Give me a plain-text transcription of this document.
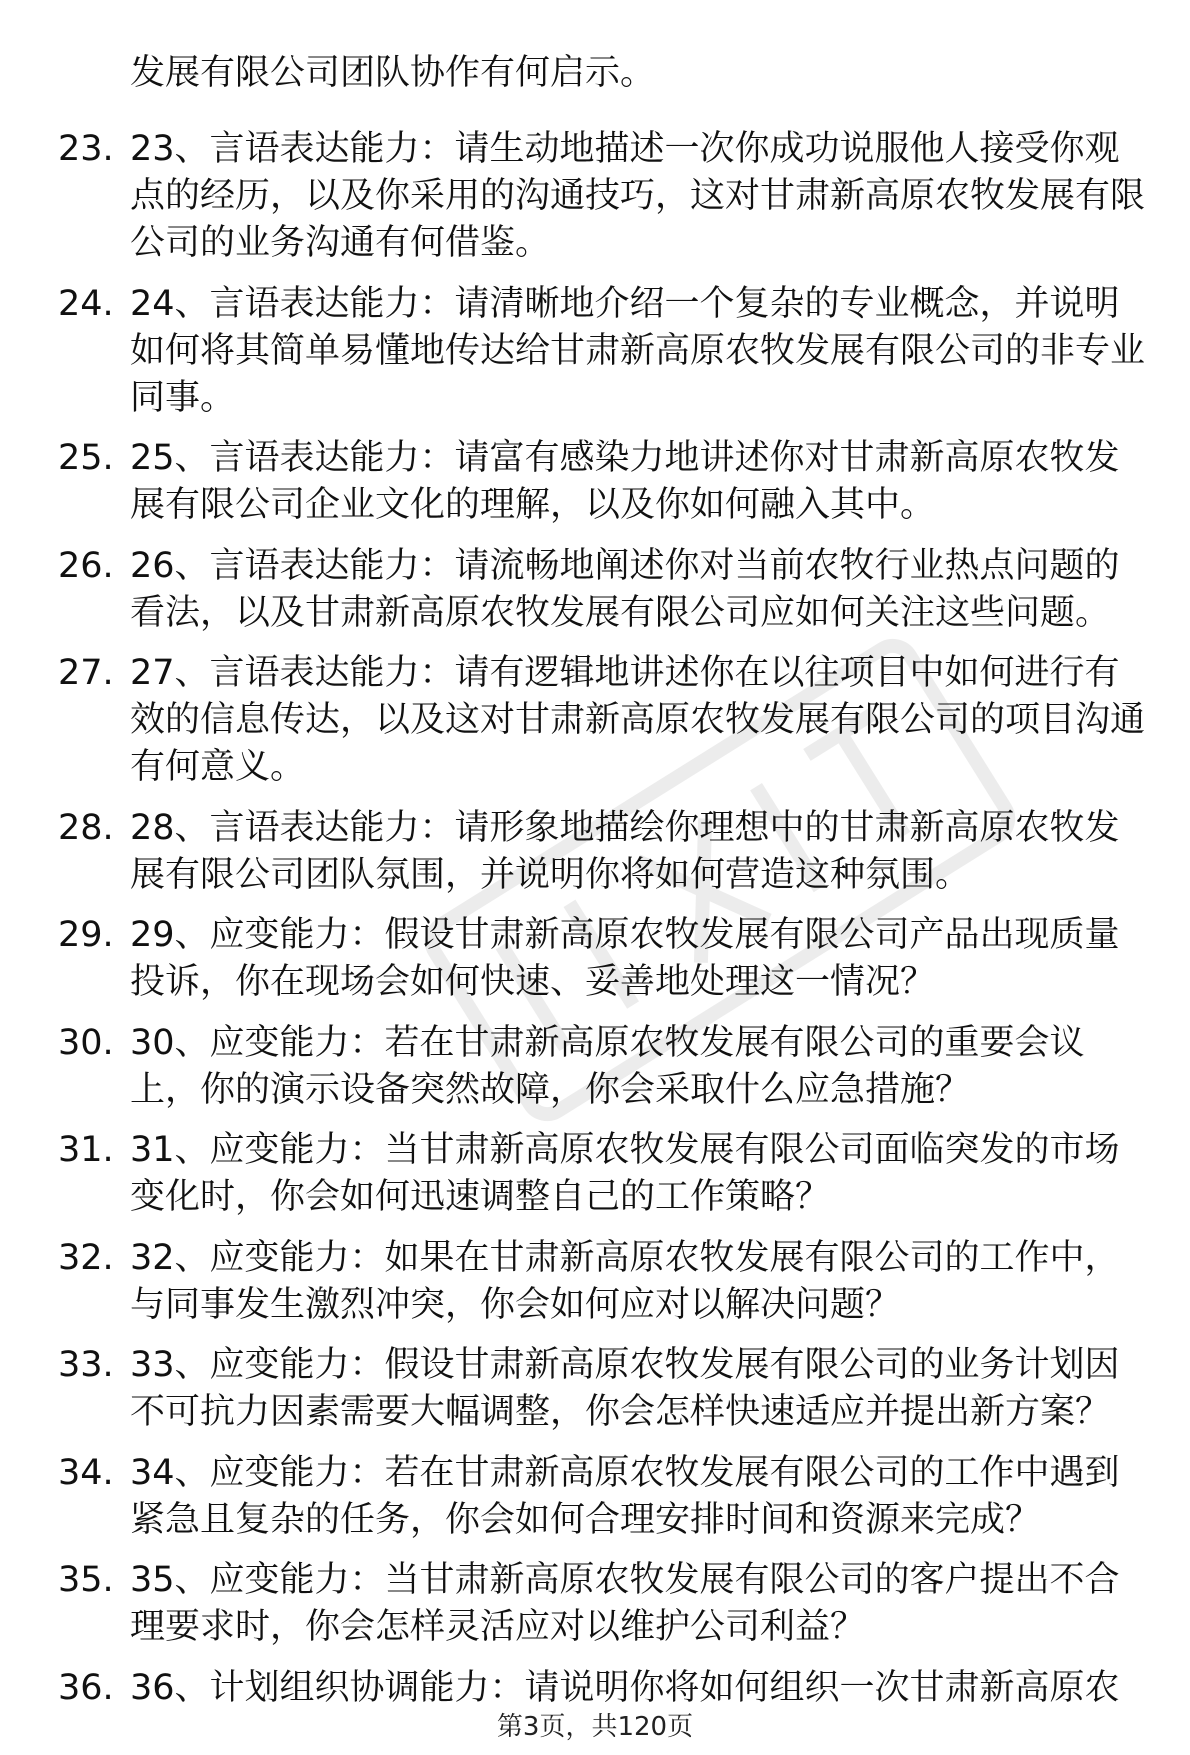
发展有限公司团队协作有何启示。

23. 23、言语表达能力：请生动地描述一次你成功说服他人接受你观点的经历，以及你采用的沟通技巧，这对甘肃新高原农牧发展有限公司的业务沟通有何借鉴。
24. 24、言语表达能力：请清晰地介绍一个复杂的专业概念，并说明如何将其简单易懂地传达给甘肃新高原农牧发展有限公司的非专业同事。
25. 25、言语表达能力：请富有感染力地讲述你对甘肃新高原农牧发展有限公司企业文化的理解，以及你如何融入其中。
26. 26、言语表达能力：请流畅地阐述你对当前农牧行业热点问题的看法，以及甘肃新高原农牧发展有限公司应如何关注这些问题。
27. 27、言语表达能力：请有逻辑地讲述你在以往项目中如何进行有效的信息传达，以及这对甘肃新高原农牧发展有限公司的项目沟通有何意义。
28. 28、言语表达能力：请形象地描绘你理想中的甘肃新高原农牧发展有限公司团队氛围，并说明你将如何营造这种氛围。
29. 29、应变能力：假设甘肃新高原农牧发展有限公司产品出现质量投诉，你在现场会如何快速、妥善地处理这一情况？
30. 30、应变能力：若在甘肃新高原农牧发展有限公司的重要会议上，你的演示设备突然故障，你会采取什么应急措施？
31. 31、应变能力：当甘肃新高原农牧发展有限公司面临突发的市场变化时，你会如何迅速调整自己的工作策略？
32. 32、应变能力：如果在甘肃新高原农牧发展有限公司的工作中，与同事发生激烈冲突，你会如何应对以解决问题？
33. 33、应变能力：假设甘肃新高原农牧发展有限公司的业务计划因不可抗力因素需要大幅调整，你会怎样快速适应并提出新方案？
34. 34、应变能力：若在甘肃新高原农牧发展有限公司的工作中遇到紧急且复杂的任务，你会如何合理安排时间和资源来完成？
35. 35、应变能力：当甘肃新高原农牧发展有限公司的客户提出不合理要求时，你会怎样灵活应对以维护公司利益？
36. 36、计划组织协调能力：请说明你将如何组织一次甘肃新高原农
第3页，共120页
